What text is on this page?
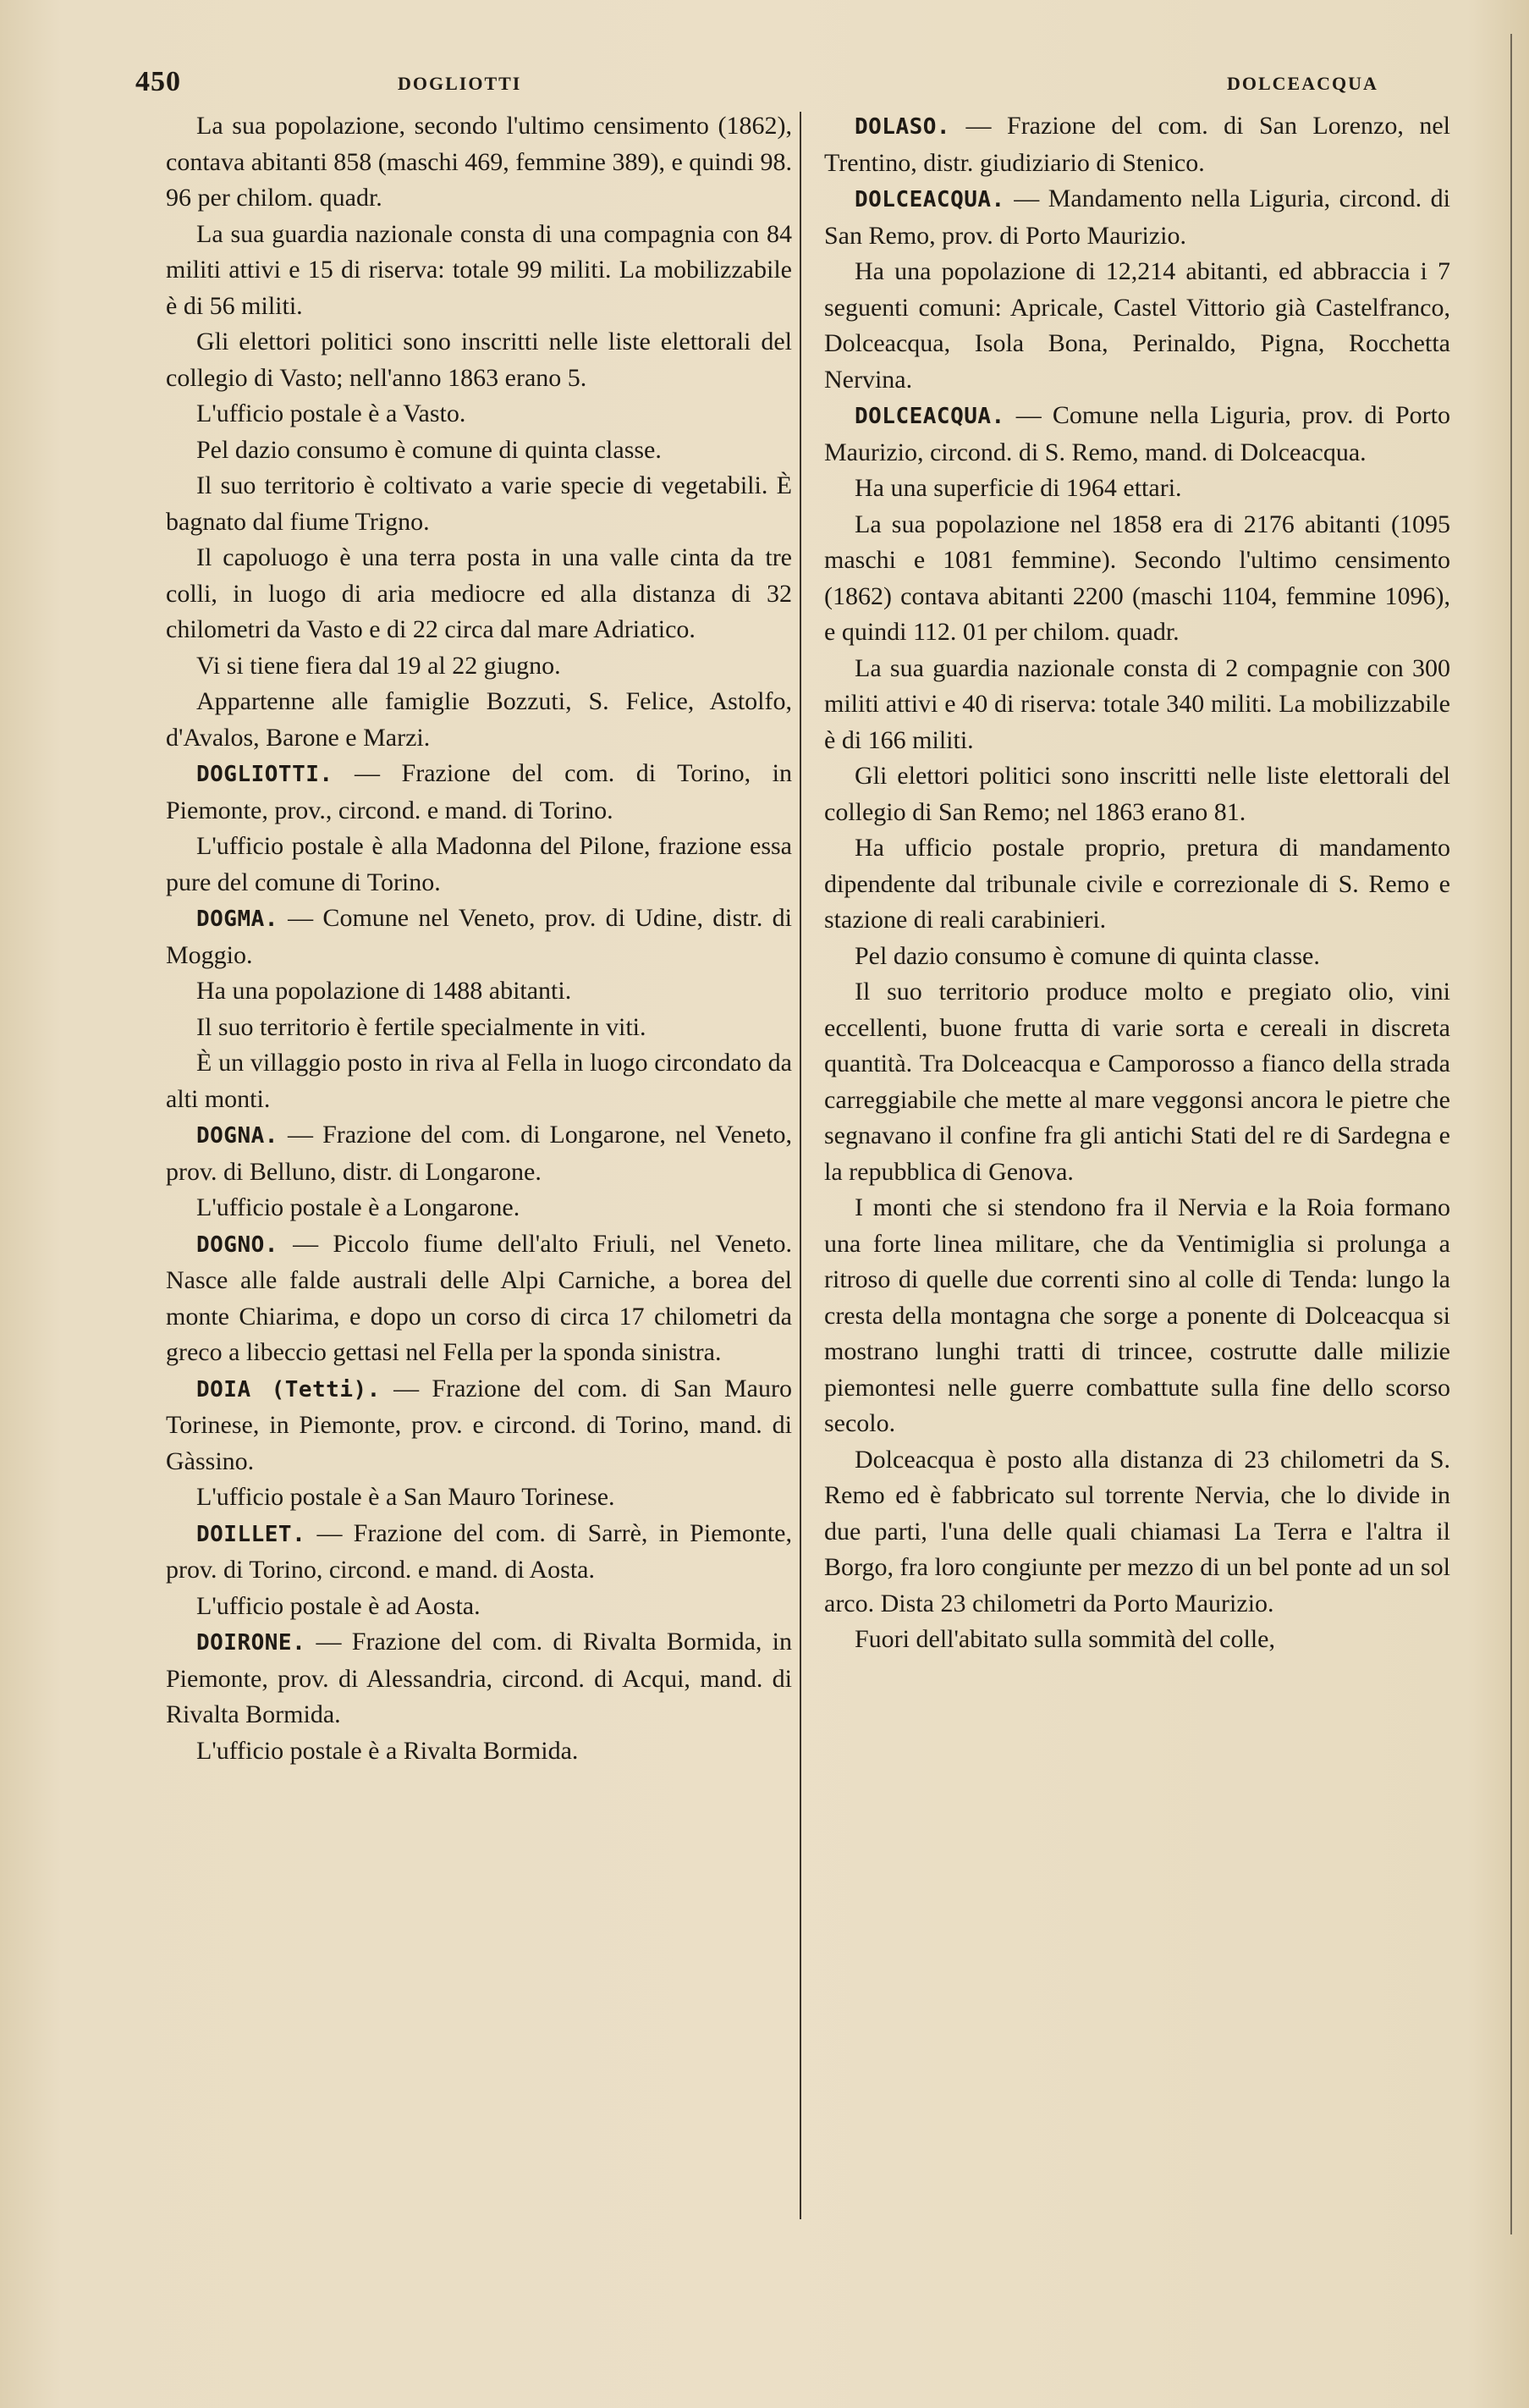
450	DOGLIOTTI	DOLCEACQUA

La sua popolazione, secondo l'ultimo censimento (1862), contava abitanti 858 (maschi 469, femmine 389), e quindi 98. 96 per chilom. quadr.

La sua guardia nazionale consta di una compagnia con 84 militi attivi e 15 di riserva: totale 99 militi. La mobilizzabile è di 56 militi.

Gli elettori politici sono inscritti nelle liste elettorali del collegio di Vasto; nell'anno 1863 erano 5.

L'ufficio postale è a Vasto.

Pel dazio consumo è comune di quinta classe.

Il suo territorio è coltivato a varie specie di vegetabili. È bagnato dal fiume Trigno.

Il capoluogo è una terra posta in una valle cinta da tre colli, in luogo di aria mediocre ed alla distanza di 32 chilometri da Vasto e di 22 circa dal mare Adriatico.

Vi si tiene fiera dal 19 al 22 giugno.

Appartenne alle famiglie Bozzuti, S. Felice, Astolfo, d'Avalos, Barone e Marzi.

DOGLIOTTI. — Frazione del com. di Torino, in Piemonte, prov., circond. e mand. di Torino.

L'ufficio postale è alla Madonna del Pilone, frazione essa pure del comune di Torino.

DOGMA. — Comune nel Veneto, prov. di Udine, distr. di Moggio.

Ha una popolazione di 1488 abitanti.

Il suo territorio è fertile specialmente in viti.

È un villaggio posto in riva al Fella in luogo circondato da alti monti.

DOGNA. — Frazione del com. di Longarone, nel Veneto, prov. di Belluno, distr. di Longarone.

L'ufficio postale è a Longarone.

DOGNO. — Piccolo fiume dell'alto Friuli, nel Veneto. Nasce alle falde australi delle Alpi Carniche, a borea del monte Chiarima, e dopo un corso di circa 17 chilometri da greco a libeccio gettasi nel Fella per la sponda sinistra.

DOIA (Tetti). — Frazione del com. di San Mauro Torinese, in Piemonte, prov. e circond. di Torino, mand. di Gàssino.

L'ufficio postale è a San Mauro Torinese.

DOILLET. — Frazione del com. di Sarrè, in Piemonte, prov. di Torino, circond. e mand. di Aosta.

L'ufficio postale è ad Aosta.

DOIRONE. — Frazione del com. di Rivalta Bormida, in Piemonte, prov. di Alessandria, circond. di Acqui, mand. di Rivalta Bormida.

L'ufficio postale è a Rivalta Bormida.

DOLASO. — Frazione del com. di San Lorenzo, nel Trentino, distr. giudiziario di Stenico.

DOLCEACQUA. — Mandamento nella Liguria, circond. di San Remo, prov. di Porto Maurizio.

Ha una popolazione di 12,214 abitanti, ed abbraccia i 7 seguenti comuni: Apricale, Castel Vittorio già Castelfranco, Dolceacqua, Isola Bona, Perinaldo, Pigna, Rocchetta Nervina.

DOLCEACQUA. — Comune nella Liguria, prov. di Porto Maurizio, circond. di S. Remo, mand. di Dolceacqua.

Ha una superficie di 1964 ettari.

La sua popolazione nel 1858 era di 2176 abitanti (1095 maschi e 1081 femmine). Secondo l'ultimo censimento (1862) contava abitanti 2200 (maschi 1104, femmine 1096), e quindi 112. 01 per chilom. quadr.

La sua guardia nazionale consta di 2 compagnie con 300 militi attivi e 40 di riserva: totale 340 militi. La mobilizzabile è di 166 militi.

Gli elettori politici sono inscritti nelle liste elettorali del collegio di San Remo; nel 1863 erano 81.

Ha ufficio postale proprio, pretura di mandamento dipendente dal tribunale civile e correzionale di S. Remo e stazione di reali carabinieri.

Pel dazio consumo è comune di quinta classe.

Il suo territorio produce molto e pregiato olio, vini eccellenti, buone frutta di varie sorta e cereali in discreta quantità. Tra Dolceacqua e Camporosso a fianco della strada carreggiabile che mette al mare veggonsi ancora le pietre che segnavano il confine fra gli antichi Stati del re di Sardegna e la repubblica di Genova.

I monti che si stendono fra il Nervia e la Roia formano una forte linea militare, che da Ventimiglia si prolunga a ritroso di quelle due correnti sino al colle di Tenda: lungo la cresta della montagna che sorge a ponente di Dolceacqua si mostrano lunghi tratti di trincee, costrutte dalle milizie piemontesi nelle guerre combattute sulla fine dello scorso secolo.

Dolceacqua è posto alla distanza di 23 chilometri da S. Remo ed è fabbricato sul torrente Nervia, che lo divide in due parti, l'una delle quali chiamasi La Terra e l'altra il Borgo, fra loro congiunte per mezzo di un bel ponte ad un sol arco. Dista 23 chilometri da Porto Maurizio.

Fuori dell'abitato sulla sommità del colle,
